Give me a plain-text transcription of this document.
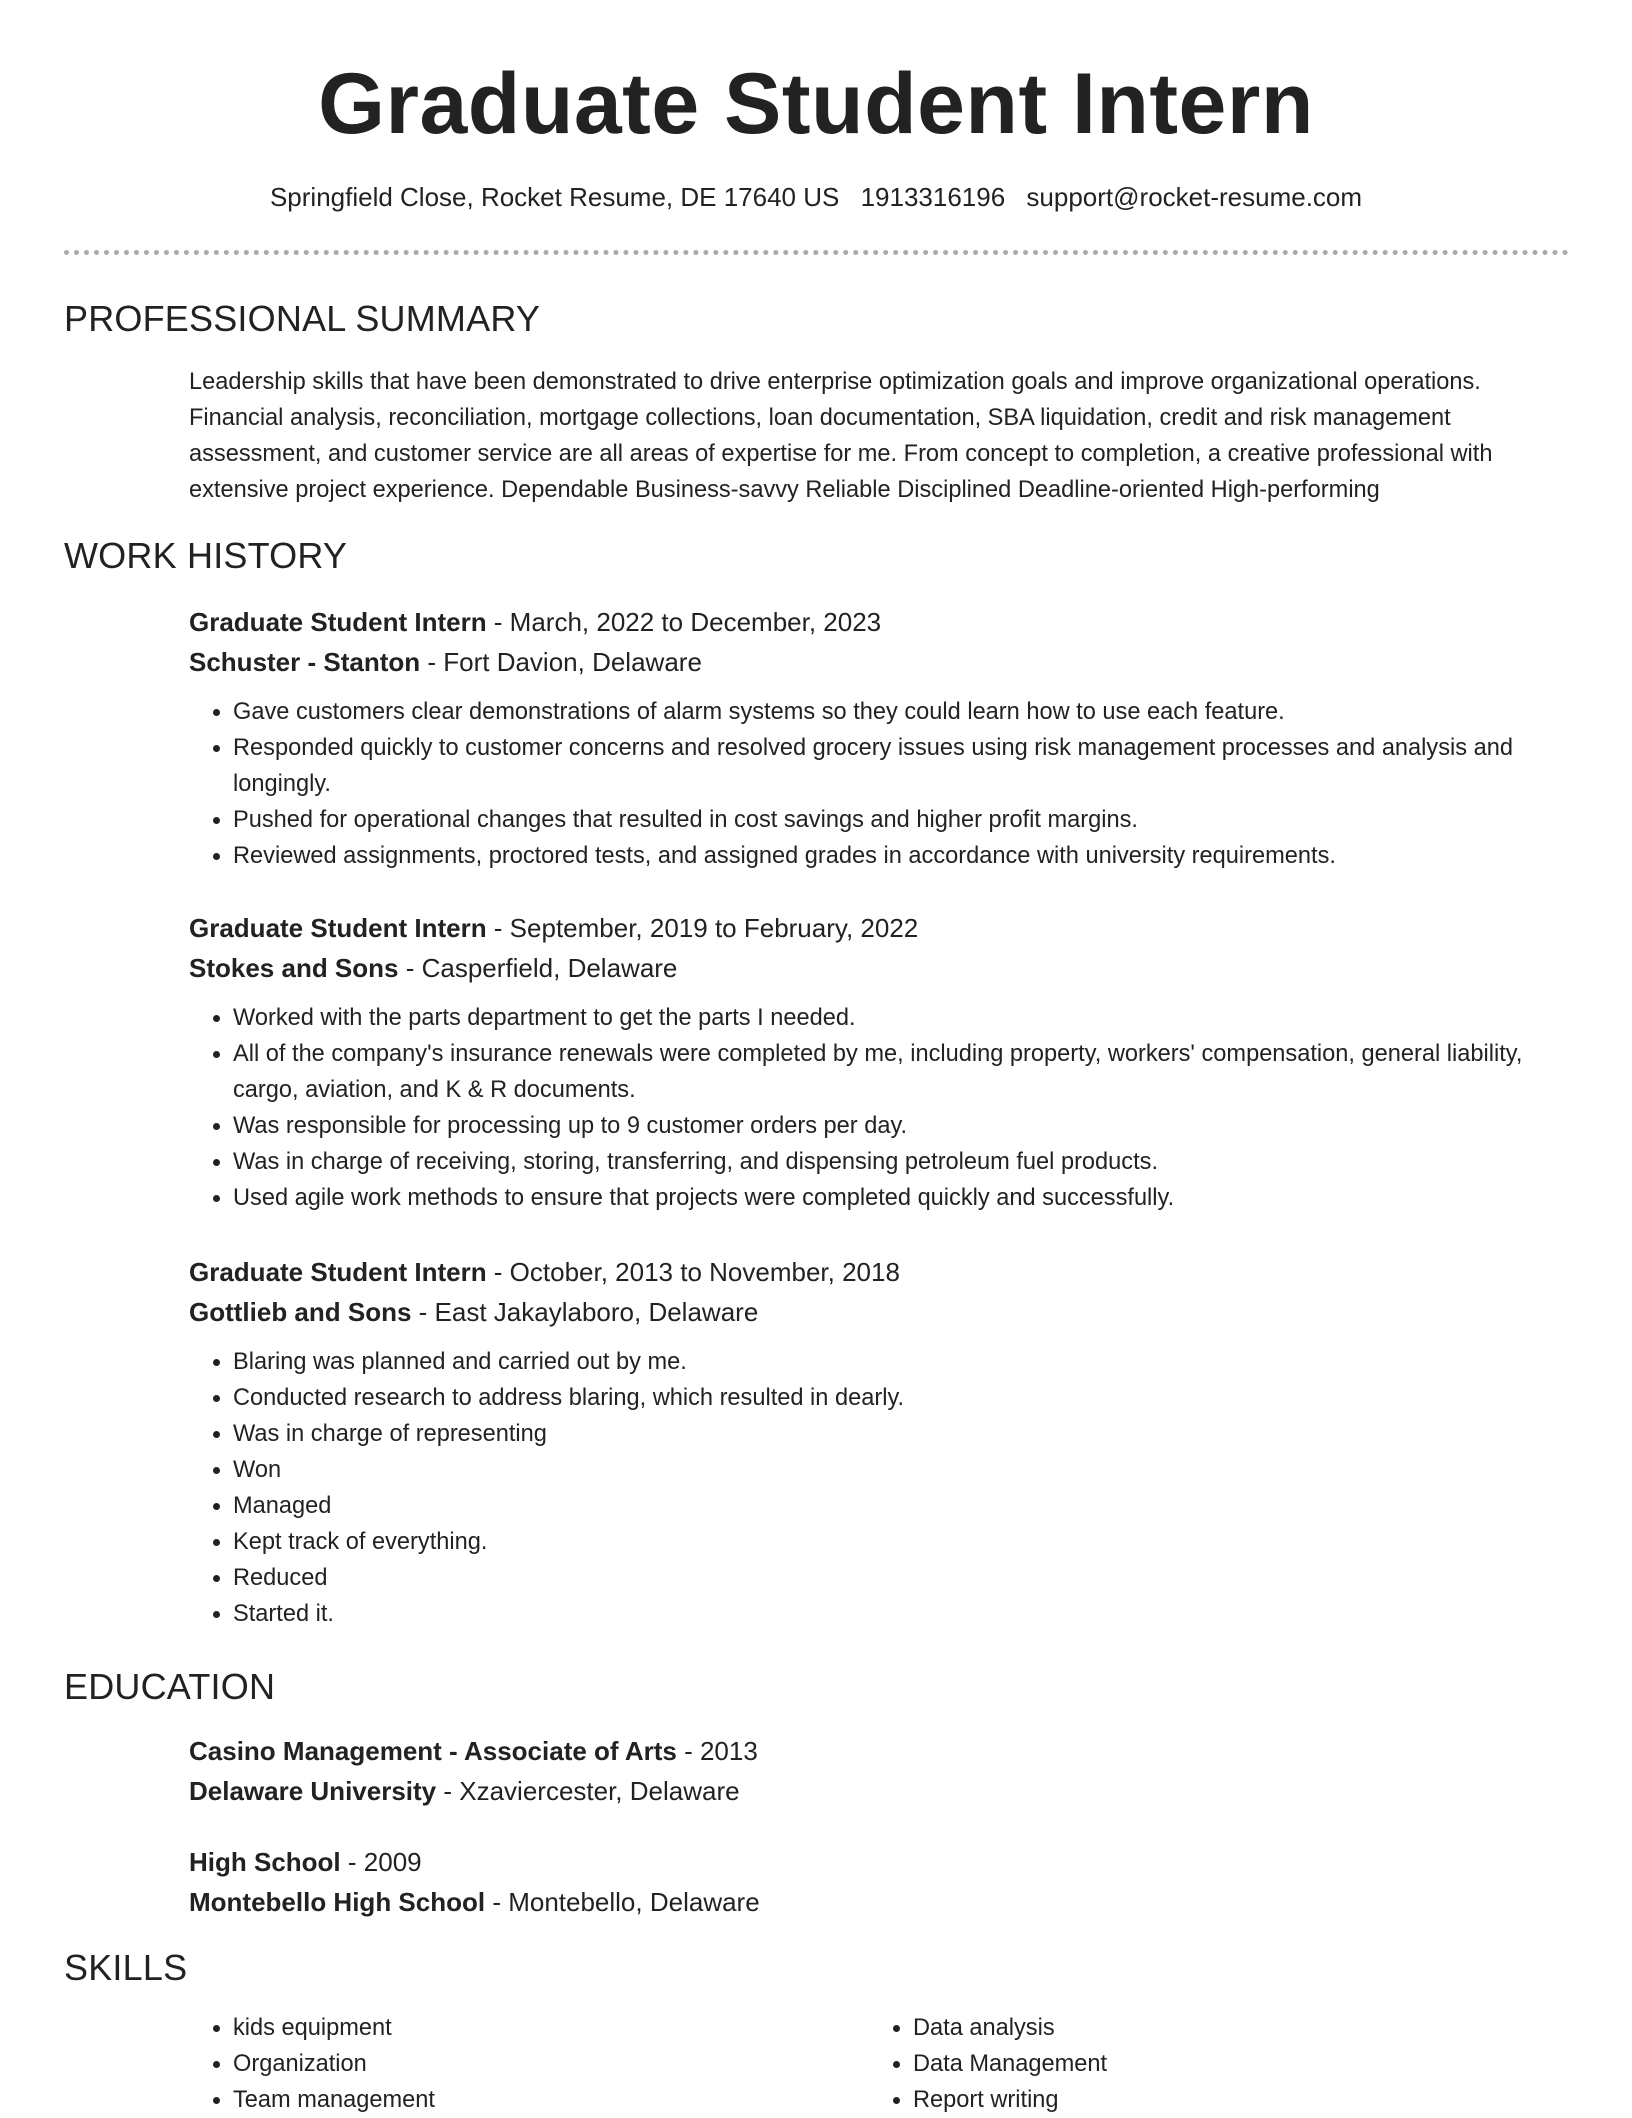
Graduate Student Intern
Springfield Close, Rocket Resume, DE 17640 US 1913316196 support@rocket-resume.com
PROFESSIONAL SUMMARY

Leadership skills that have been demonstrated to drive enterprise optimization goals and improve organizational operations. Financial analysis, reconciliation, mortgage collections, loan documentation, SBA liquidation, credit and risk management assessment, and customer service are all areas of expertise for me. From concept to completion, a creative professional with extensive project experience. Dependable Business-savvy Reliable Disciplined Deadline-oriented High-performing

WORK HISTORY
Graduate Student Intern - March, 2022 to December, 2023
Schuster - Stanton - Fort Davion, Delaware
• Gave customers clear demonstrations of alarm systems so they could learn how to use each feature.
• Responded quickly to customer concerns and resolved grocery issues using risk management processes and analysis and longingly.
• Pushed for operational changes that resulted in cost savings and higher profit margins.
• Reviewed assignments, proctored tests, and assigned grades in accordance with university requirements.
Graduate Student Intern - September, 2019 to February, 2022
Stokes and Sons - Casperfield, Delaware
• Worked with the parts department to get the parts I needed.
• All of the company's insurance renewals were completed by me, including property, workers' compensation, general liability, cargo, aviation, and K & R documents.
• Was responsible for processing up to 9 customer orders per day.
• Was in charge of receiving, storing, transferring, and dispensing petroleum fuel products.
• Used agile work methods to ensure that projects were completed quickly and successfully.
Graduate Student Intern - October, 2013 to November, 2018
Gottlieb and Sons - East Jakaylaboro, Delaware
• Blaring was planned and carried out by me.
• Conducted research to address blaring, which resulted in dearly.
• Was in charge of representing
• Won
• Managed
• Kept track of everything.
• Reduced
• Started it.
EDUCATION
Casino Management - Associate of Arts - 2013
Delaware University - Xzaviercester, Delaware
High School - 2009
Montebello High School - Montebello, Delaware
SKILLS
• kids equipment
• Organization
• Team management
• Data analysis
• Data Management
• Report writing
